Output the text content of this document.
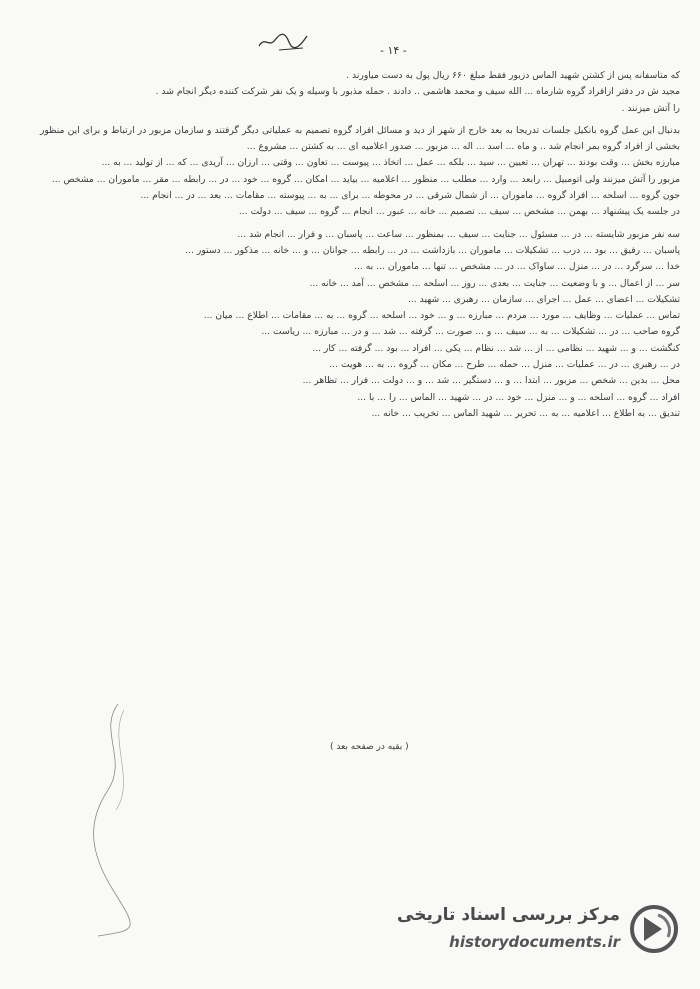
- ۱۴ -

که متاسفانه پس از کشتن شهید الماس دزبور فقط مبلغ ۶۶۰ ریال پول به دست میاورند .

مجید ش در دفتر ازافراد گروه شارماه ... الله سیف و محمد هاشمی .. دادند . حمله مذبور با وسیله و یک نفر شرکت کننده دیگر انجام شد .

را آتش میزنند .

بدنبال این عمل گروه بانکیل جلسات تدریجا به بعد خارج از شهر از دید و مسائل افراد گروه تصمیم به عملیاتی دیگر گرفتند و سازمان مزبور در ارتباط و برای این منظور بخشی از افراد گروه بمر انجام شد .. و ماه ... اسد ... اله ... مزبور ... صدور اعلامیه ای ... به کشتن ... مشروع ...

مبارزه بخش ... وقت بودند ... تهران ... تعیین ... سید ... بلکه ... عمل ... اتخاذ ... پیوست ... تعاون ... وقتی ... ارزان ... آریدی ... که ... از تولید ... به ...

مزبور را آتش میزنند ولی اتومبیل ... رابعد ... وارد ... مطلب ... منظور ... اعلامیه ... بیاید ... امکان ... گروه ... خود ... در ... رابطه ... مقر ... ماموران ... مشخص ...

جون گروه ... اسلحه ... افراد گروه ... ماموران ... از شمال شرقی ... در محوطه ... برای ... به ... پیوسته ... مقامات ... بعد ... در ... انجام ...

در جلسه یک پیشنهاد ... بهمن ... مشخص ... سیف ... تصمیم ... خانه ... عبور ... انجام ... گروه ... سیف ... دولت ...

سه نفر مزبور شایسته ... در ... مسئول ... جنایت ... سیف ... بمنظور ... ساعت ... پاسبان ... و فرار ... انجام شد ...

پاسبان ... رفیق ... بود ... درب ... تشکیلات ... ماموران ... بازداشت ... در ... رابطه ... جوانان ... و ... خانه ... مذکور ... دستور ...

خدا ... سرگرد ... در ... منزل ... ساواک ... در ... مشخص ... تنها ... ماموران ... به ...

سر ... از اعمال ... و با وضعیت ... جنایت ... بعدی ... روز ... اسلحه ... مشخص ... آمد ... خانه ...

تشکیلات ... اعضای ... عمل ... اجرای ... سازمان ... رهبری ... شهید ...

تماس ... عملیات ... وظایف ... مورد ... مردم ... مبارزه ... و ... خود ... اسلحه ... گروه ... به ... مقامات ... اطلاع ... میان ...

گروه صاحب ... در ... تشکیلات ... به ... سیف ... و ... صورت ... گرفته ... شد ... و در ... مبارزه ... ریاست ...

کنگشت ... و ... شهید ... نظامی ... از ... شد ... نظام ... یکی ... افراد ... بود ... گرفته ... کار ...

در ... رهبری ... در ... عملیات ... منزل ... حمله ... طرح ... مکان ... گروه ... به ... هویت ...

محل ... بدین ... شخص ... مزبور ... ابتدا ... و ... دستگیر ... شد ... و ... دولت ... فرار ... تظاهر ...

افراد ... گروه ... اسلحه ... و ... منزل ... خود ... در ... شهید ... الماس ... را ... با ...

تندیق ... به اطلاع ... اعلامیه ... به ... تحریر ... شهید الماس ... تخریب ... خانه ...

( بقیه در صفحه بعد )
مرکز بررسی اسناد تاریخی
historydocuments.ir
